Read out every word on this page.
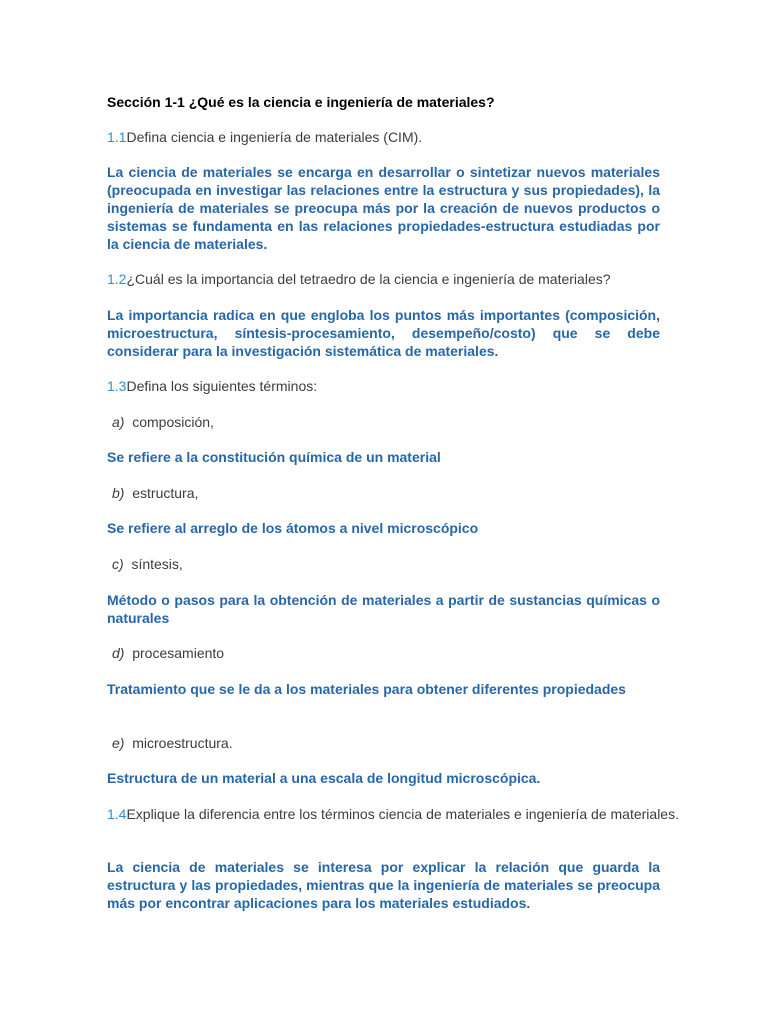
Sección 1-1 ¿Qué es la ciencia e ingeniería de materiales?
1.1Defina ciencia e ingeniería de materiales (CIM).
La ciencia de materiales se encarga en desarrollar o sintetizar nuevos materiales (preocupada en investigar las relaciones entre la estructura y sus propiedades), la ingeniería de materiales se preocupa más por la creación de nuevos productos o sistemas se fundamenta en las relaciones propiedades-estructura estudiadas por la ciencia de materiales.
1.2¿Cuál es la importancia del tetraedro de la ciencia e ingeniería de materiales?
La importancia radica en que engloba los puntos más importantes (composición, microestructura, síntesis-procesamiento, desempeño/costo) que se debe considerar para la investigación sistemática de materiales.
1.3Defina los siguientes términos:
a) composición,
Se refiere a la constitución química de un material
b) estructura,
Se refiere al arreglo de los átomos a nivel microscópico
c) síntesis,
Método o pasos para la obtención de materiales a partir de sustancias químicas o naturales
d) procesamiento
Tratamiento que se le da a los materiales para obtener diferentes propiedades
e) microestructura.
Estructura de un material a una escala de longitud microscópica.
1.4Explique la diferencia entre los términos ciencia de materiales e ingeniería de materiales.
La ciencia de materiales se interesa por explicar la relación que guarda la estructura y las propiedades, mientras que la ingeniería de materiales se preocupa más por encontrar aplicaciones para los materiales estudiados.
